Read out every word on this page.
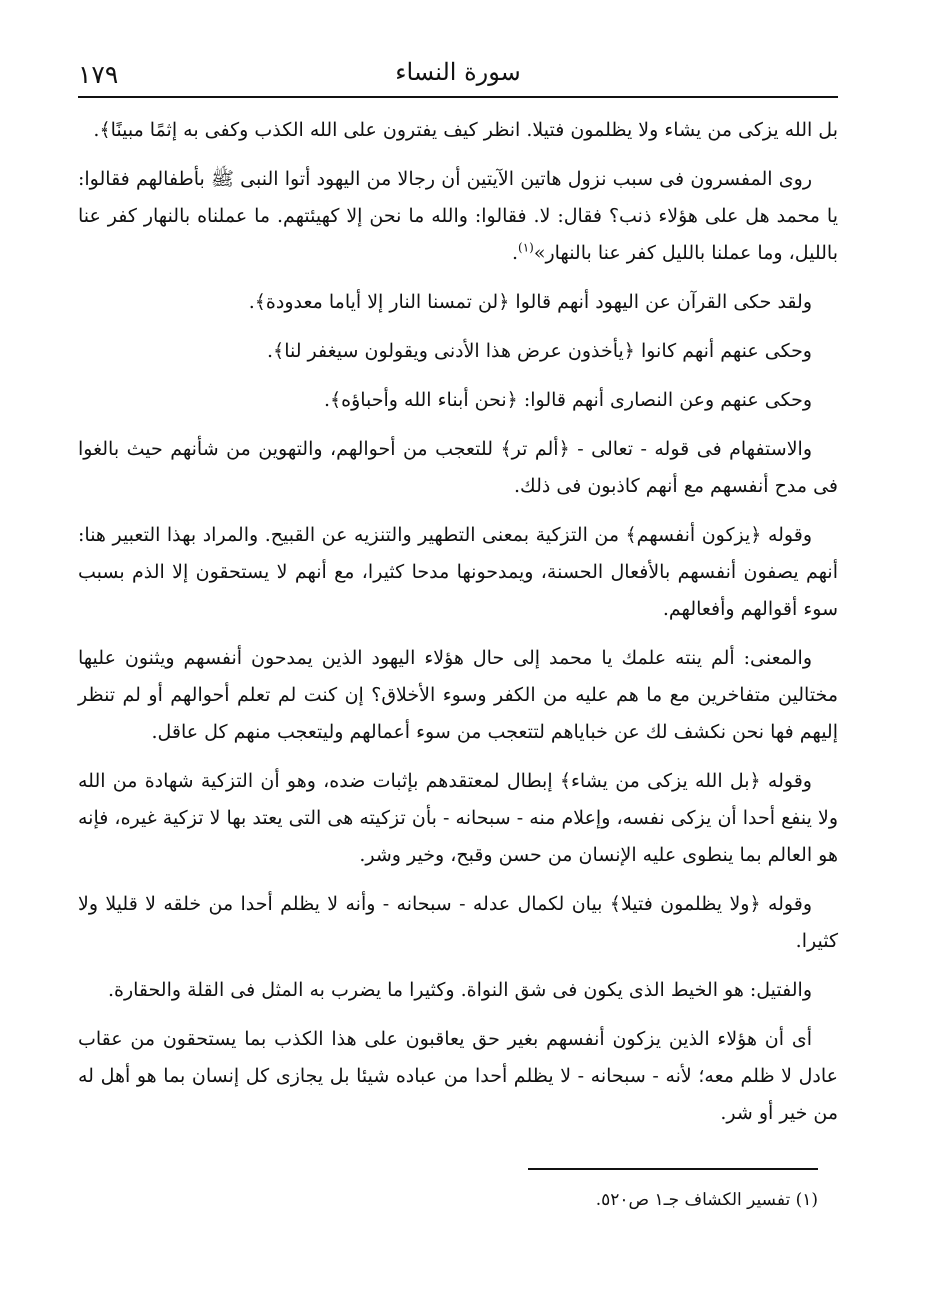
١٧٩	سورة النساء

بل الله يزكى من يشاء ولا يظلمون فتيلا. انظر كيف يفترون على الله الكذب وكفى به إثمًا مبينًا﴾.

روى المفسرون فى سبب نزول هاتين الآيتين أن رجالا من اليهود أتوا النبى ﷺ بأطفالهم فقالوا: يا محمد هل على هؤلاء ذنب؟ فقال: لا. فقالوا: والله ما نحن إلا كهيئتهم. ما عملناه بالنهار كفر عنا بالليل، وما عملنا بالليل كفر عنا بالنهار»$^{(١)}$.

ولقد حكى القرآن عن اليهود أنهم قالوا ﴿لن تمسنا النار إلا أياما معدودة﴾.

وحكى عنهم أنهم كانوا ﴿يأخذون عرض هذا الأدنى ويقولون سيغفر لنا﴾.

وحكى عنهم وعن النصارى أنهم قالوا: ﴿نحن أبناء الله وأحباؤه﴾.

والاستفهام فى قوله - تعالى - ﴿ألم تر﴾ للتعجب من أحوالهم، والتهوين من شأنهم حيث بالغوا فى مدح أنفسهم مع أنهم كاذبون فى ذلك.

وقوله ﴿يزكون أنفسهم﴾ من التزكية بمعنى التطهير والتنزيه عن القبيح. والمراد بهذا التعبير هنا: أنهم يصفون أنفسهم بالأفعال الحسنة، ويمدحونها مدحا كثيرا، مع أنهم لا يستحقون إلا الذم بسبب سوء أقوالهم وأفعالهم.

والمعنى: ألم ينته علمك يا محمد إلى حال هؤلاء اليهود الذين يمدحون أنفسهم ويثنون عليها مختالين متفاخرين مع ما هم عليه من الكفر وسوء الأخلاق؟ إن كنت لم تعلم أحوالهم أو لم تنظر إليهم فها نحن نكشف لك عن خباياهم لتتعجب من سوء أعمالهم وليتعجب منهم كل عاقل.

وقوله ﴿بل الله يزكى من يشاء﴾ إبطال لمعتقدهم بإثبات ضده، وهو أن التزكية شهادة من الله ولا ينفع أحدا أن يزكى نفسه، وإعلام منه - سبحانه - بأن تزكيته هى التى يعتد بها لا تزكية غيره، فإنه هو العالم بما ينطوى عليه الإنسان من حسن وقبح، وخير وشر.

وقوله ﴿ولا يظلمون فتيلا﴾ بيان لكمال عدله - سبحانه - وأنه لا يظلم أحدا من خلقه لا قليلا ولا كثيرا.

والفتيل: هو الخيط الذى يكون فى شق النواة. وكثيرا ما يضرب به المثل فى القلة والحقارة.

أى أن هؤلاء الذين يزكون أنفسهم بغير حق يعاقبون على هذا الكذب بما يستحقون من عقاب عادل لا ظلم معه؛ لأنه - سبحانه - لا يظلم أحدا من عباده شيئا بل يجازى كل إنسان بما هو أهل له من خير أو شر.

(١) تفسير الكشاف جـ١ ص٥٢٠.
